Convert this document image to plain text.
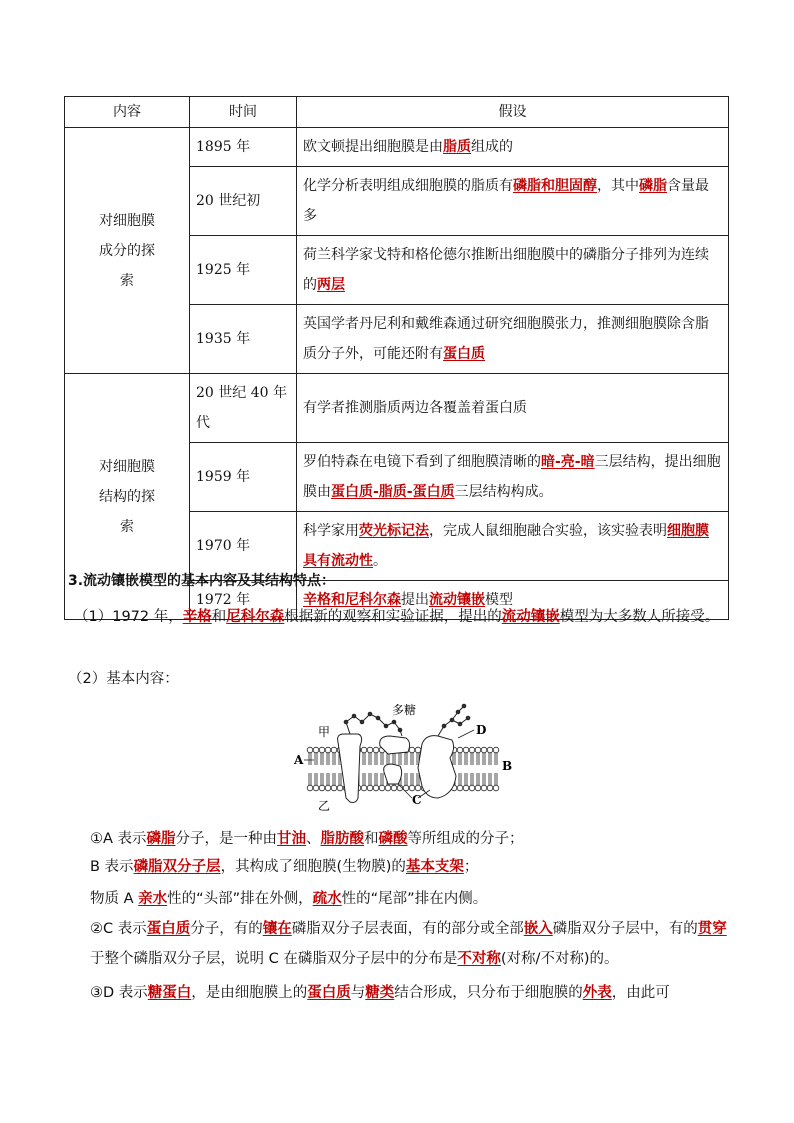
内容	时间	假设

对细胞膜成分的探索	1895 年	欧文顿提出细胞膜是由脂质组成的
	20 世纪初	化学分析表明组成细胞膜的脂质有磷脂和胆固醇，其中磷脂含量最多
	1925 年	荷兰科学家戈特和格伦德尔推断出细胞膜中的磷脂分子排列为连续的两层
	1935 年	英国学者丹尼利和戴维森通过研究细胞膜张力，推测细胞膜除含脂质分子外，可能还附有蛋白质

对细胞膜结构的探索	20 世纪 40 年代	有学者推测脂质两边各覆盖着蛋白质
	1959 年	罗伯特森在电镜下看到了细胞膜清晰的暗-亮-暗三层结构，提出细胞膜由蛋白质-脂质-蛋白质三层结构构成。
	1970 年	科学家用荧光标记法，完成人鼠细胞融合实验，该实验表明细胞膜具有流动性。
	1972 年	辛格和尼科尔森提出流动镶嵌模型
3.流动镶嵌模型的基本内容及其结构特点：
（1）1972 年，辛格和尼科尔森根据新的观察和实验证据，提出的流动镶嵌模型为大多数人所接受。
（2）基本内容：
甲
乙
多糖
A	B
C
D
①A 表示磷脂分子，是一种由甘油、脂肪酸和磷酸等所组成的分子；
B 表示磷脂双分子层，其构成了细胞膜(生物膜)的基本支架；
物质 A 亲水性的“头部”排在外侧，疏水性的“尾部”排在内侧。
②C 表示蛋白质分子，有的镶在磷脂双分子层表面，有的部分或全部嵌入磷脂双分子层中，有的贯穿于整个磷脂双分子层，说明 C 在磷脂双分子层中的分布是不对称(对称/不对称)的。
③D 表示糖蛋白，是由细胞膜上的蛋白质与糖类结合形成，只分布于细胞膜的外表，由此可
